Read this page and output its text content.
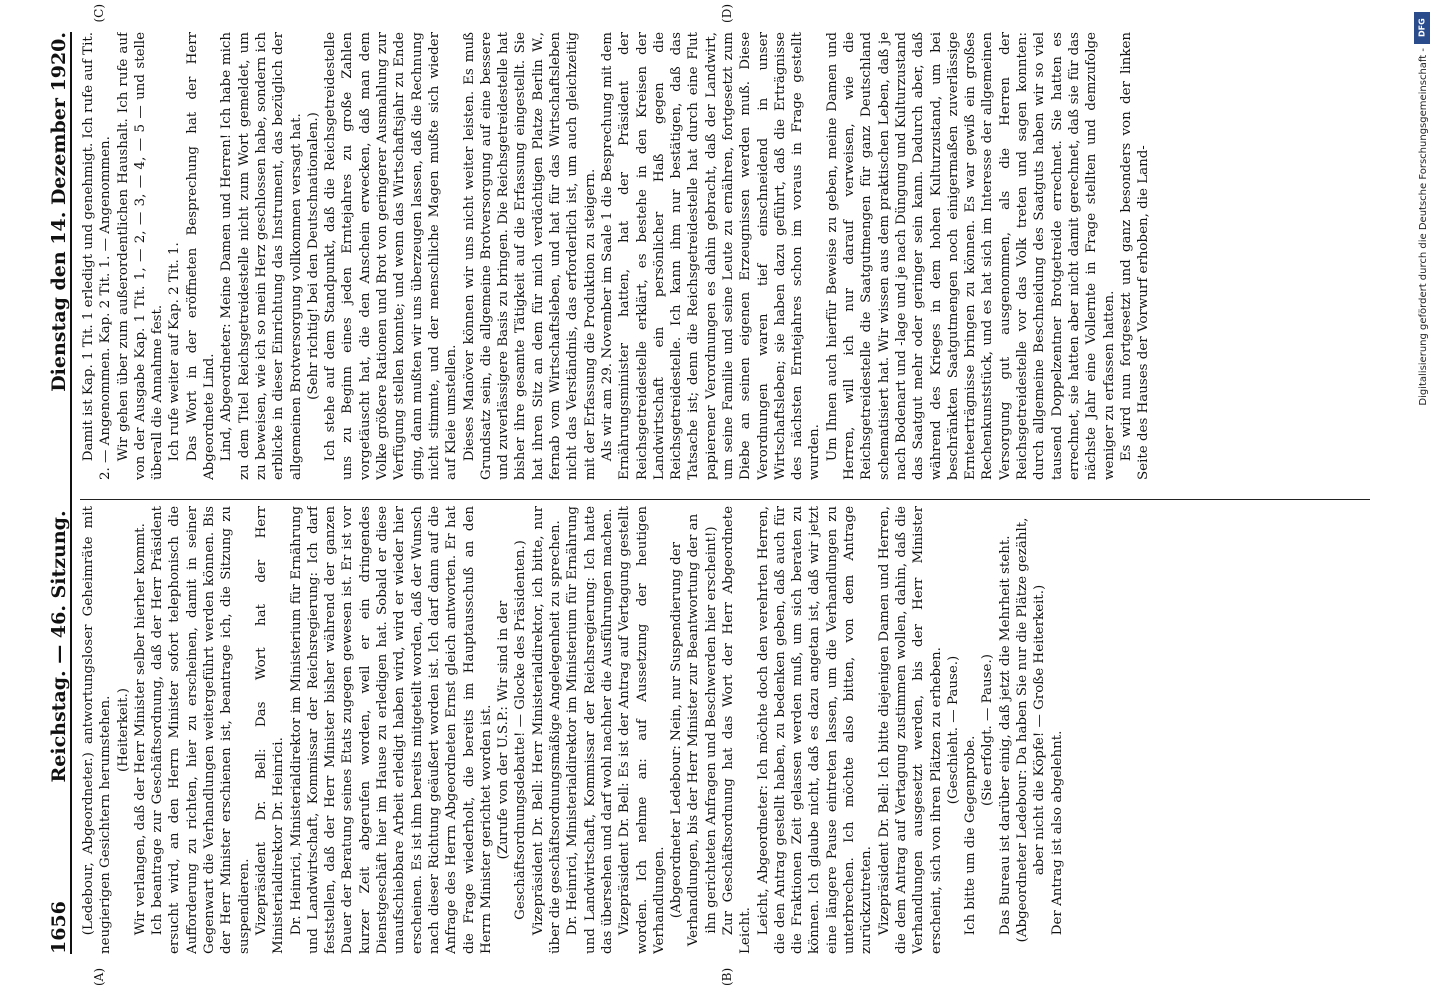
1656
Reichstag. — 46. Sitzung.
Dienstag den 14. Dezember 1920.
(A)	(B)
(C)	(D)

(Ledebour, Abgeordneter.) antwortungsloser Geheimräte mit neugierigen Gesichtern herumstehen. (Heiterkeit.) Wir verlangen, daß der Herr Minister selber hierher kommt. Ich beantrage zur Geschäftsordnung, daß der Herr Präsident ersucht wird, an den Herrn Minister sofort telephonisch die Aufforderung zu richten, hier zu erscheinen, damit in seiner Gegenwart die Verhandlungen weitergeführt werden können. Bis der Herr Minister erschienen ist, beantrage ich, die Sitzung zu suspendieren. Vizepräsident Dr. Bell: Das Wort hat der Herr Ministerialdirektor Dr. Heinrici. Dr. Heinrici, Ministerialdirektor im Ministerium für Ernährung und Landwirtschaft, Kommissar der Reichsregierung: Ich darf feststellen, daß der Herr Minister bisher während der ganzen Dauer der Beratung seines Etats zugegen gewesen ist. Er ist vor kurzer Zeit abgerufen worden, weil er ein dringendes Dienstgeschäft hier im Hause zu erledigen hat. Sobald er diese unaufschiebbare Arbeit erledigt haben wird, wird er wieder hier erscheinen. Es ist ihm bereits mitgeteilt worden, daß der Wunsch nach dieser Richtung geäußert worden ist. Ich darf dann auf die Anfrage des Herrn Abgeordneten Ernst gleich antworten. Er hat die Frage wiederholt, die bereits im Hauptausschuß an den Herrn Minister gerichtet worden ist. (Zurufe von der U.S.P.: Wir sind in der Geschäftsordnungsdebatte! — Glocke des Präsidenten.) Vizepräsident Dr. Bell: Herr Ministerialdirektor, ich bitte, nur über die geschäftsordnungsmäßige Angelegenheit zu sprechen. Dr. Heinrici, Ministerialdirektor im Ministerium für Ernährung und Landwirtschaft, Kommissar der Reichsregierung: Ich hatte das übersehen und darf wohl nachher die Ausführungen machen. Vizepräsident Dr. Bell: Es ist der Antrag auf Vertagung gestellt worden. Ich nehme an: auf Aussetzung der heutigen Verhandlungen. (Abgeordneter Ledebour: Nein, nur Suspendierung der Verhandlungen, bis der Herr Minister zur Beantwortung der an ihn gerichteten Anfragen und Beschwerden hier erscheint!) Zur Geschäftsordnung hat das Wort der Herr Abgeordnete Leicht. Leicht, Abgeordneter: Ich möchte doch den verehrten Herren, die den Antrag gestellt haben, zu bedenken geben, daß auch für die Fraktionen Zeit gelassen werden muß, um sich beraten zu können. Ich glaube nicht, daß es dazu angetan ist, daß wir jetzt eine längere Pause eintreten lassen, um die Verhandlungen zu unterbrechen. Ich möchte also bitten, von dem Antrage zurückzutreten. Vizepräsident Dr. Bell: Ich bitte diejenigen Damen und Herren, die dem Antrag auf Vertagung zustimmen wollen, dahin, daß die Verhandlungen ausgesetzt werden, bis der Herr Minister erscheint, sich von ihren Plätzen zu erheben. (Geschieht. — Pause.)

Ich bitte um die Gegenprobe.

(Sie erfolgt. — Pause.) Das Bureau ist darüber einig, daß jetzt die Mehrheit steht. (Abgeordneter Ledebour: Da haben Sie nur die Plätze gezählt, aber nicht die Köpfe! — Große Heiterkeit.) Der Antrag ist also abgelehnt.

Damit ist Kap. 1 Tit. 1 erledigt und genehmigt. Ich rufe auf Tit. 2. — Angenommen. Kap. 2 Tit. 1. — Angenommen. Wir gehen über zum außerordentlichen Haushalt. Ich rufe auf von der Ausgabe Kap. 1 Tit. 1, — 2, — 3, — 4, — 5 — und stelle überall die Annahme fest. Ich rufe weiter auf Kap. 2 Tit. 1. Das Wort in der eröffneten Besprechung hat der Herr Abgeordnete Lind. Lind, Abgeordneter: Meine Damen und Herren! Ich habe mich zu dem Titel Reichsgetreidestelle nicht zum Wort gemeldet, um zu beweisen, wie ich so mein Herz geschlossen habe, sondern ich erblicke in dieser Einrichtung das Instrument, das bezüglich der allgemeinen Brotversorgung vollkommen versagt hat. (Sehr richtig! bei den Deutschnationalen.) Ich stehe auf dem Standpunkt, daß die Reichsgetreidestelle uns zu Beginn eines jeden Erntejahres zu große Zahlen vorgetäuscht hat, die den Anschein erwecken, daß man dem Volke größere Rationen und Brot von geringerer Ausmahlung zur Verfügung stellen konnte; und wenn das Wirtschaftsjahr zu Ende ging, dann mußten wir uns überzeugen lassen, daß die Rechnung nicht stimmte, und der menschliche Magen mußte sich wieder auf Kleie umstellen. Dieses Manöver können wir uns nicht weiter leisten. Es muß Grundsatz sein, die allgemeine Brotversorgung auf eine bessere und zuverlässigere Basis zu bringen. Die Reichsgetreidestelle hat bisher ihre gesamte Tätigkeit auf die Erfassung eingestellt. Sie hat ihren Sitz an dem für mich verdächtigen Platze Berlin W., fernab vom Wirtschaftsleben, und hat für das Wirtschaftsleben nicht das Verständnis, das erforderlich ist, um auch gleichzeitig mit der Erfassung die Produktion zu steigern. Als wir am 29. November im Saale 1 die Besprechung mit dem Ernährungsminister hatten, hat der Präsident der Reichsgetreidestelle erklärt, es bestehe in den Kreisen der Landwirtschaft ein persönlicher Haß gegen die Reichsgetreidestelle. Ich kann ihm nur bestätigen, daß das Tatsache ist; denn die Reichsgetreidestelle hat durch eine Flut papierener Verordnungen es dahin gebracht, daß der Landwirt, um seine Familie und seine Leute zu ernähren, fortgesetzt zum Diebe an seinen eigenen Erzeugnissen werden muß. Diese Verordnungen waren tief einschneidend in unser Wirtschaftsleben; sie haben dazu geführt, daß die Erträgnisse des nächsten Erntejahres schon im voraus in Frage gestellt wurden. Um Ihnen auch hierfür Beweise zu geben, meine Damen und Herren, will ich nur darauf verweisen, wie die Reichsgetreidestelle die Saatgutmengen für ganz Deutschland schematisiert hat. Wir wissen aus dem praktischen Leben, daß je nach Bodenart und -lage und je nach Düngung und Kulturzustand das Saatgut mehr oder geringer sein kann. Dadurch aber, daß während des Krieges in dem hohen Kulturzustand, um bei beschränkten Saatgutmengen noch einigermaßen zuverlässige Ernteerträgnisse bringen zu können. Es war gewiß ein großes Rechenkunststück, und es hat sich im Interesse der allgemeinen Versorgung gut ausgenommen, als die Herren der Reichsgetreidestelle vor das Volk treten und sagen konnten: durch allgemeine Beschneidung des Saatguts haben wir so viel tausend Doppelzentner Brotgetreide errechnet. Sie hatten es errechnet, sie hatten aber nicht damit gerechnet, daß sie für das nächste Jahr eine Vollernte in Frage stellten und demzufolge weniger zu erfassen hatten. Es wird nun fortgesetzt und ganz besonders von der linken Seite des Hauses der Vorwurf erhoben, die Land-

DFG
Digitalisierung gefördert durch die Deutsche Forschungsgemeinschaft -
